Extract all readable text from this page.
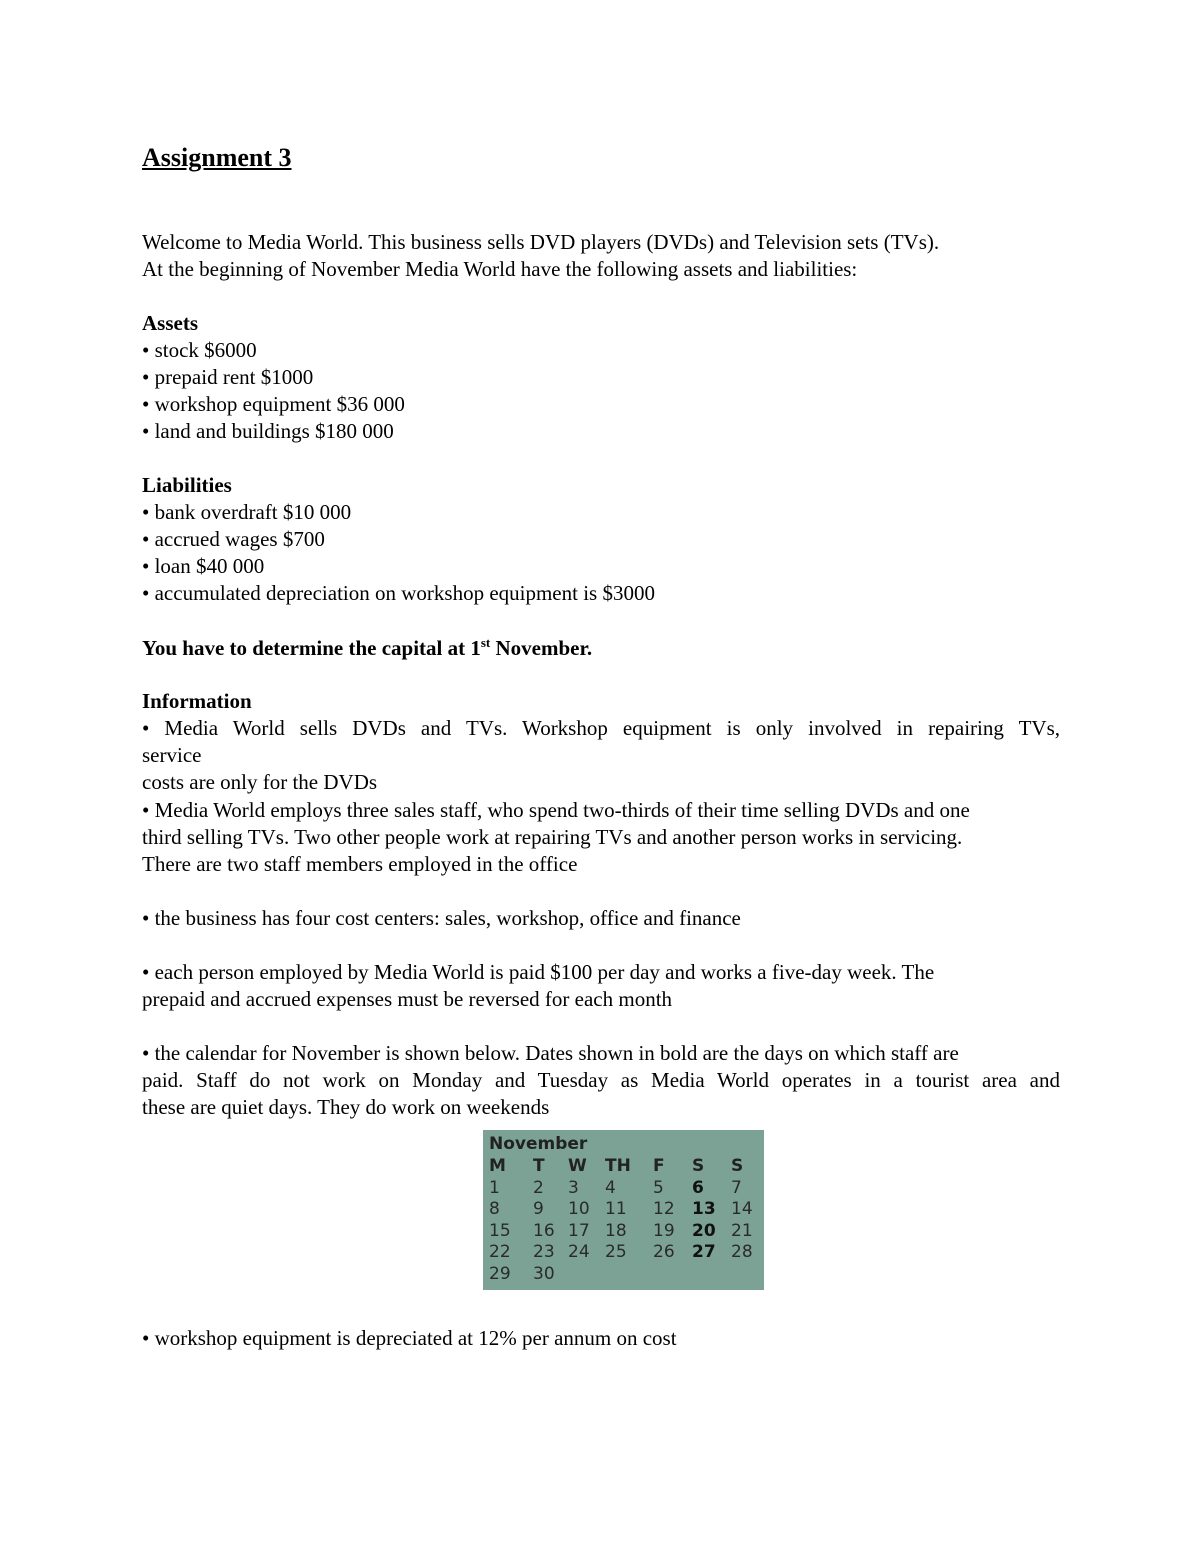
Assignment 3
Welcome to Media World. This business sells DVD players (DVDs) and Television sets (TVs).
At the beginning of November Media World have the following assets and liabilities:
Assets
• stock $6000
• prepaid rent $1000
• workshop equipment $36 000
• land and buildings $180 000
Liabilities
• bank overdraft $10 000
• accrued wages $700
• loan $40 000
• accumulated depreciation on workshop equipment is $3000
You have to determine the capital at 1st November.
Information
• Media World sells DVDs and TVs. Workshop equipment is only involved in repairing TVs,
service
costs are only for the DVDs
• Media World employs three sales staff, who spend two-thirds of their time selling DVDs and one
third selling TVs. Two other people work at repairing TVs and another person works in servicing.
There are two staff members employed in the office
• the business has four cost centers: sales, workshop, office and finance
• each person employed by Media World is paid $100 per day and works a five-day week. The
prepaid and accrued expenses must be reversed for each month
• the calendar for November is shown below. Dates shown in bold are the days on which staff are
paid. Staff do not work on Monday and Tuesday as Media World operates in a tourist area and
these are quiet days. They do work on weekends
• workshop equipment is depreciated at 12% per annum on cost
November
M T W TH F S S
1 2 3 4 5 6 7
8 9 10 11 12 13 14
15 16 17 18 19 20 21
22 23 24 25 26 27 28
29 30
